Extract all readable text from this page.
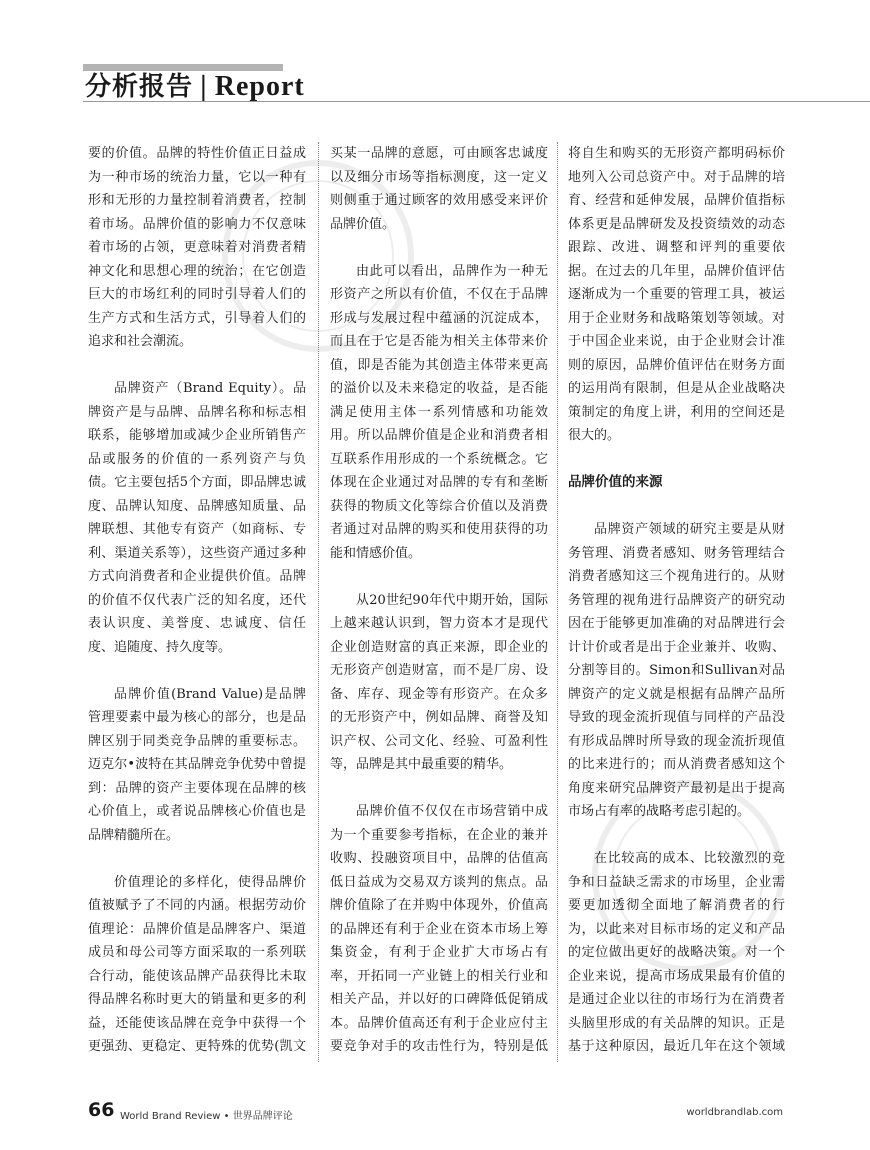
分析报告 | Report

要的价值。品牌的特性价值正日益成为一种市场的统治力量，它以一种有形和无形的力量控制着消费者，控制着市场。品牌价值的影响力不仅意味着市场的占领，更意味着对消费者精神文化和思想心理的统治；在它创造巨大的市场红利的同时引导着人们的生产方式和生活方式，引导着人们的追求和社会潮流。

品牌资产（Brand Equity）。品牌资产是与品牌、品牌名称和标志相联系，能够增加或减少企业所销售产品或服务的价值的一系列资产与负债。它主要包括5个方面，即品牌忠诚度、品牌认知度、品牌感知质量、品牌联想、其他专有资产（如商标、专利、渠道关系等），这些资产通过多种方式向消费者和企业提供价值。品牌的价值不仅代表广泛的知名度，还代表认识度、美誉度、忠诚度、信任度、追随度、持久度等。

品牌价值(Brand Value)是品牌管理要素中最为核心的部分，也是品牌区别于同类竞争品牌的重要标志。迈克尔•波特在其品牌竞争优势中曾提到：品牌的资产主要体现在品牌的核心价值上，或者说品牌核心价值也是品牌精髓所在。

价值理论的多样化，使得品牌价值被赋予了不同的内涵。根据劳动价值理论：品牌价值是品牌客户、渠道成员和母公司等方面采取的一系列联合行动，能使该品牌产品获得比未取得品牌名称时更大的销量和更多的利益，还能使该品牌在竞争中获得一个更强劲、更稳定、更特殊的优势(凯文

买某一品牌的意愿，可由顾客忠诚度以及细分市场等指标测度，这一定义则侧重于通过顾客的效用感受来评价品牌价值。

由此可以看出，品牌作为一种无形资产之所以有价值，不仅在于品牌形成与发展过程中蕴涵的沉淀成本，而且在于它是否能为相关主体带来价值，即是否能为其创造主体带来更高的溢价以及未来稳定的收益，是否能满足使用主体一系列情感和功能效用。所以品牌价值是企业和消费者相互联系作用形成的一个系统概念。它体现在企业通过对品牌的专有和垄断获得的物质文化等综合价值以及消费者通过对品牌的购买和使用获得的功能和情感价值。

从20世纪90年代中期开始，国际上越来越认识到，智力资本才是现代企业创造财富的真正来源，即企业的无形资产创造财富，而不是厂房、设备、库存、现金等有形资产。在众多的无形资产中，例如品牌、商誉及知识产权、公司文化、经验、可盈利性等，品牌是其中最重要的精华。

品牌价值不仅仅在市场营销中成为一个重要参考指标，在企业的兼并收购、投融资项目中，品牌的估值高低日益成为交易双方谈判的焦点。品牌价值除了在并购中体现外，价值高的品牌还有利于企业在资本市场上筹集资金，有利于企业扩大市场占有率，开拓同一产业链上的相关行业和相关产品，并以好的口碑降低促销成本。品牌价值高还有利于企业应付主要竞争对手的攻击性行为，特别是低

将自生和购买的无形资产都明码标价地列入公司总资产中。对于品牌的培育、经营和延伸发展，品牌价值指标体系更是品牌研发及投资绩效的动态跟踪、改进、调整和评判的重要依据。在过去的几年里，品牌价值评估逐渐成为一个重要的管理工具，被运用于企业财务和战略策划等领域。对于中国企业来说，由于企业财会计准则的原因，品牌价值评估在财务方面的运用尚有限制，但是从企业战略决策制定的角度上讲，利用的空间还是很大的。

品牌价值的来源

品牌资产领域的研究主要是从财务管理、消费者感知、财务管理结合消费者感知这三个视角进行的。从财务管理的视角进行品牌资产的研究动因在于能够更加准确的对品牌进行会计计价或者是出于企业兼并、收购、分割等目的。Simon和Sullivan对品牌资产的定义就是根据有品牌产品所导致的现金流折现值与同样的产品没有形成品牌时所导致的现金流折现值的比来进行的；而从消费者感知这个角度来研究品牌资产最初是出于提高市场占有率的战略考虑引起的。

在比较高的成本、比较激烈的竞争和日益缺乏需求的市场里，企业需要更加透彻全面地了解消费者的行为，以此来对目标市场的定义和产品的定位做出更好的战略决策。对一个企业来说，提高市场成果最有价值的是通过企业以往的市场行为在消费者头脑里形成的有关品牌的知识。正是基于这种原因，最近几年在这个领域

66 World Brand Review • 世界品牌评论	worldbrandlab.com
